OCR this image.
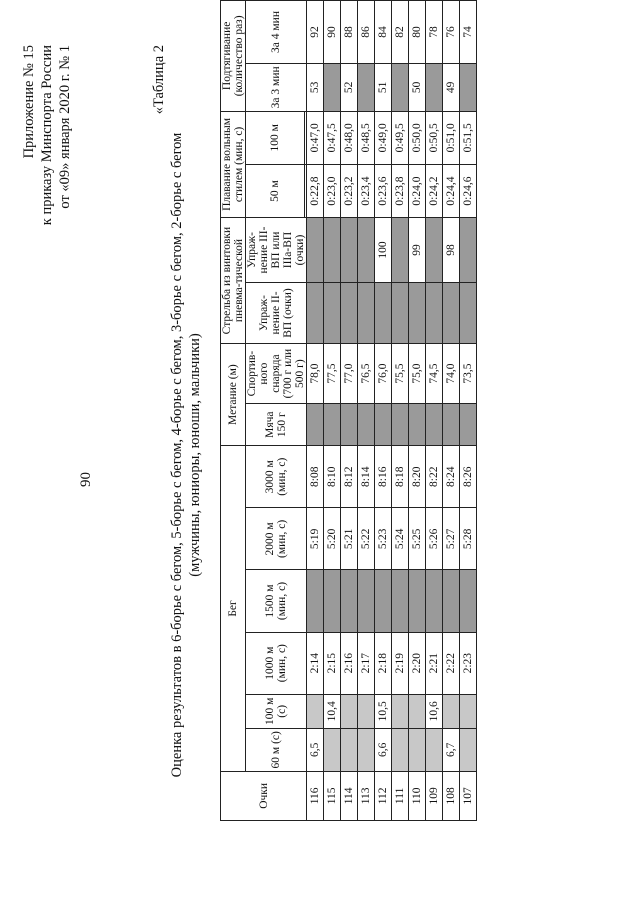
90
Приложение № 15 к приказу Минспорта России от «09» января 2020 г. № 1	«Таблица 2
Оценка результатов в 6-борье с бегом, 5-борье с бегом, 4-борье с бегом, 3-борье с бегом, 2-борье с бегом (мужчины, юниоры, юноши, мальчики)
Очки	Бег						Метание (м)		Стрельба из винтовки пневма-тической		Плавание вольным стилем (мин, с)		Подтягивание (количество раз)	
	60 м (с)	100 м (с)	1000 м (мин, с)	1500 м (мин, с)	2000 м (мин, с)	3000 м (мин, с)	Мяча 150 г	Спортив-ного снаряда (700 г или 500 г)	Упраж-нение II-ВП (очки)	Упраж-нение III-ВП или IIIa-ВП (очки)	50 м	100 м	За 3 мин	За 4 мин

116	6,5		2:14		5:19	8:08		78,0			0:22,8	0:47,0	53	92
115		10,4	2:15		5:20	8:10		77,5			0:23,0	0:47,5		90
114			2:16		5:21	8:12		77,0			0:23,2	0:48,0	52	88
113			2:17		5:22	8:14		76,5			0:23,4	0:48,5		86
112	6,6	10,5	2:18		5:23	8:16		76,0		100	0:23,6	0:49,0	51	84
111			2:19		5:24	8:18		75,5			0:23,8	0:49,5		82
110			2:20		5:25	8:20		75,0		99	0:24,0	0:50,0	50	80
109		10,6	2:21		5:26	8:22		74,5			0:24,2	0:50,5		78
108	6,7		2:22		5:27	8:24		74,0		98	0:24,4	0:51,0	49	76
107			2:23		5:28	8:26		73,5			0:24,6	0:51,5		74
